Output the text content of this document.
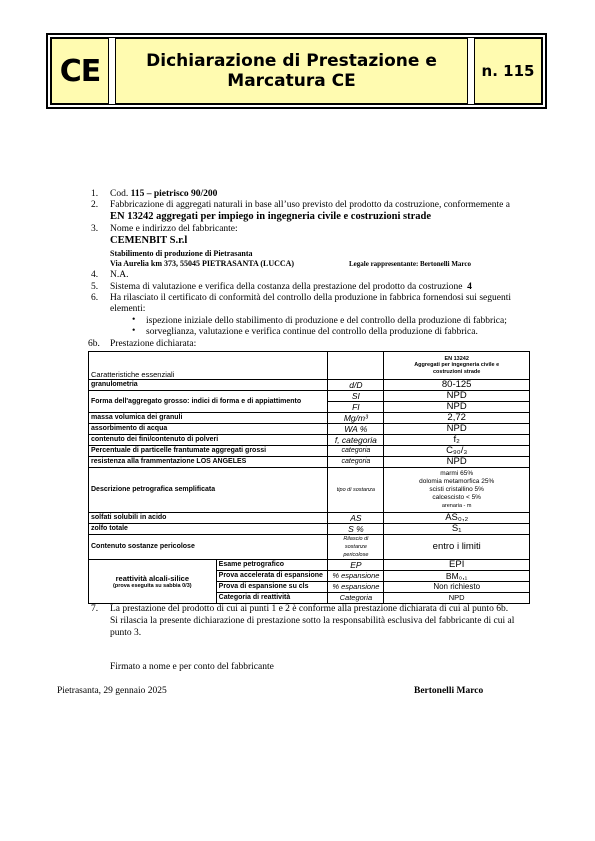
CE	Dichiarazione di Prestazione e
Marcatura CE	n. 115
1. Cod. 115 – pietrisco 90/200
2. Fabbricazione di aggregati naturali in base all’uso previsto del prodotto da costruzione, conformemente a
EN 13242 aggregati per impiego in ingegneria civile e costruzioni strade
3. Nome e indirizzo del fabbricante:
CEMENBIT S.r.l
Stabilimento di produzione di Pietrasanta
Via Aurelia km 373, 55045 PIETRASANTA (LUCCA)	Legale rappresentante: Bertonelli Marco
4. N.A.
5. Sistema di valutazione e verifica della costanza della prestazione del prodotto da costruzione 4
6. Ha rilasciato il certificato di conformità del controllo della produzione in fabbrica fornendosi sui seguenti
elementi:
• ispezione iniziale dello stabilimento di produzione e del controllo della produzione di fabbrica;
• sorveglianza, valutazione e verifica continue del controllo della produzione di fabbrica.
6b. Prestazione dichiarata:
Caratteristiche essenziali			EN 13242
Aggregati per ingegneria civile e
costruzioni strade
granulometria		d/D	80-125
Forma dell'aggregato grosso: indici di forma e di appiattimento		SI	NPD
		FI	NPD
massa volumica dei granuli		Mg/m³	2,72
assorbimento di acqua		WA %	NPD
contenuto dei fini/contenuto di polveri		f, categoria	f₂
Percentuale di particelle frantumate aggregati grossi		categoria	C₉₀/₃
resistenza alla frammentazione LOS ANGELES		categoria	NPD
Descrizione petrografica semplificata		tipo di sostanza	marmi 65%
dolomia metamorfica 25%
scisti cristallino 5%
calcescisto < 5%
arenaria - m
solfati solubili in acido		AS	AS₀,₂
zolfo totale		S %	S₁
Contenuto sostanze pericolose		Rilascio di
sostanze
pericolose	entro i limiti

reattività alcali-silice
(prova eseguita su sabbia 0/3)	Esame petrografico	EP	EPI
	Prova accelerata di espansione	% espansione	BM₀,₁
	Prova di espansione su cls	% espansione	Non richiesto
	Categoria di reattività	Categoria	NPD
7. La prestazione del prodotto di cui ai punti 1 e 2 è conforme alla prestazione dichiarata di cui al punto 6b.
Si rilascia la presente dichiarazione di prestazione sotto la responsabilità esclusiva del fabbricante di cui al
punto 3.
Firmato a nome e per conto del fabbricante
Pietrasanta, 29 gennaio 2025	Bertonelli Marco
